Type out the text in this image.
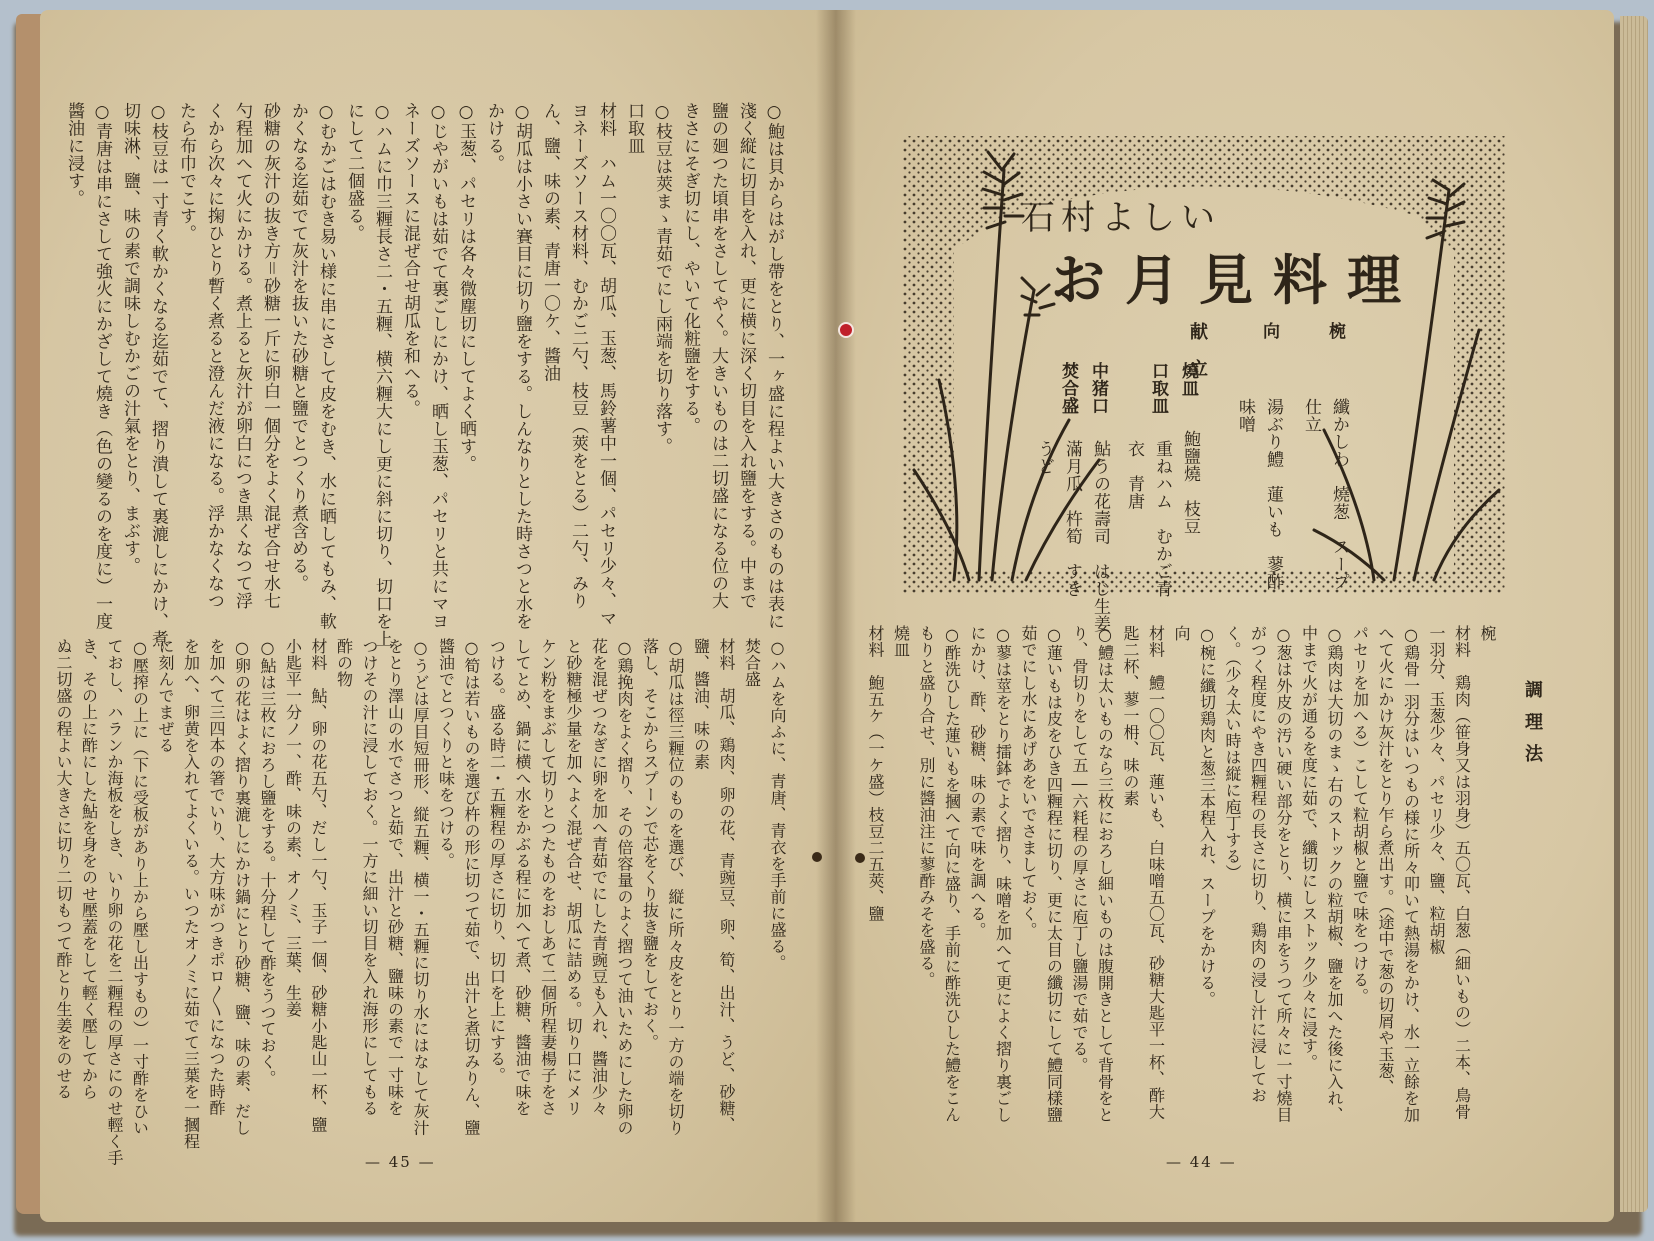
○鮑は貝からはがし帶をとり、一ヶ盛に程よい大きさのものは表に
淺く縦に切目を入れ、更に横に深く切目を入れ鹽をする。中まで
鹽の廻つた頃串をさしてやく。大きいものは二切盛になる位の大
きさにそぎ切にし、やいて化粧鹽をする。
○枝豆は莢まゝ青茹でにし兩端を切り落す。
口取皿
材料　ハム一〇〇瓦、胡瓜、玉葱、馬鈴薯中一個、パセリ少々、マ
ヨネーズソース材料、むかご二勺、枝豆（莢をとる）二勺、みり
ん、鹽、味の素、青唐一〇ケ、醬油
○胡瓜は小さい賽目に切り鹽をする。しんなりとした時さつと水を
かける。
○玉葱、パセリは各々微塵切にしてよく晒す。
○じやがいもは茹でて裏ごしにかけ、晒し玉葱、パセリと共にマヨ
ネーズソースに混ぜ合せ胡瓜を和へる。
○ハムに巾三糎長さ二・五糎、横六糎大にし更に斜に切り、切口を上
にして二個盛る。
○むかごはむき易い様に串にさして皮をむき、水に晒してもみ、軟
かくなる迄茹でて灰汁を抜いた砂糖と鹽でとつくり煮含める。
砂糖の灰汁の抜き方＝砂糖一斤に卵白一個分をよく混ぜ合せ水七
勺程加へて火にかける。煮上ると灰汁が卵白につき黒くなつて浮
くから次々に掬ひとり暫く煮ると澄んだ液になる。浮かなくなつ
たら布巾でこす。
○枝豆は一寸青く軟かくなる迄茹でて、摺り潰して裏漉しにかけ、煮
切味淋、鹽、味の素で調味しむかごの汁氣をとり、まぶす。
○青唐は串にさして強火にかざして燒き（色の變るのを度に）一度
醬油に浸す。
○ハムを向ふに、青唐、青衣を手前に盛る。
焚合盛
材料　胡瓜、鶏肉、卵の花、青豌豆、卵、筍、出汁、うど、砂糖、
鹽、醬油、味の素
○胡瓜は徑三糎位のものを選び、縦に所々皮をとり一方の端を切り
落し、そこからスプーンで芯をくり抜き鹽をしておく。
○鶏挽肉をよく摺り、その倍容量のよく摺つて油いためにした卵の
花を混ぜつなぎに卵を加へ青茹でにした青豌豆も入れ、醬油少々
と砂糖極少量を加へよく混ぜ合せ、胡瓜に詰める。切り口にメリ
ケン粉をまぶして切りとつたものをおしあて二個所程妻楊子をさ
してとめ、鍋に横へ水をかぶる程に加へて煮、砂糖、醬油で味を
つける。盛る時二・五糎程の厚さに切り、切口を上にする。
○筍は若いものを選び杵の形に切つて茹で、出汁と煮切みりん、鹽
醬油でとつくりと味をつける。
○うどは厚目短冊形、縦五糎、横一・五糎に切り水にはなして灰汁
をとり澤山の水でさつと茹で、出汁と砂糖、鹽味の素で一寸味を
つけその汁に浸しておく。一方に細い切目を入れ海形にしてもる
酢の物
材料　鮎、卵の花五勺、だし一勺、玉子一個、砂糖小匙山一杯、鹽
小匙平一分ノ一、酢、味の素、オノミ、三葉、生姜
○鮎は三枚におろし鹽をする。十分程して酢をうつておく。
○卵の花はよく摺り裏漉しにかけ鍋にとり砂糖、鹽、味の素、だし
を加へて三四本の箸でいり、大方味がつきポロ〳〵になつた時酢
を加へ、卵黄を入れてよくいる。いつたオノミに茹でて三葉を一摑程
に刻んでまぜる
○壓搾の上に（下に受板があり上から壓し出すもの）一寸酢をひい
ておし、ハランか海板をしき、いり卵の花を二糎程の厚さにのせ輕く手
き、その上に酢にした鮎を身をのせ壓蓋をして輕く壓してから
ぬ二切盛の程よい大きさに切り二切もつて酢とり生姜をのせる
— 45 —
石村よしい
お月見料理
献　立	椀
纖かしわ　燒葱　スープ仕立
向
湯ぶり鱧　蓮いも　蓼酢味噌
燒皿
鮑鹽燒　枝豆
口取皿
重ねハム　むかご青衣　青唐
中猪口
鮎うの花壽司　はじ生姜
焚合盛
滿月瓜　杵筍　すきうど
調理法
椀
材料　鶏肉（笹身又は羽身）五〇瓦、白葱（細いもの）二本、鳥骨
一羽分、玉葱少々、パセリ少々、鹽、粒胡椒
○鶏骨一羽分はいつもの様に所々叩いて熱湯をかけ、水一立餘を加
へて火にかけ灰汁をとり乍ら煮出す。（途中で葱の切屑や玉葱、
パセリを加へる）こして粒胡椒と鹽で味をつける。
○鶏肉は大切のまゝ右のストックの粒胡椒、鹽を加へた後に入れ、
中まで火が通るを度に茹で、纖切にしストック少々に浸す。
○葱は外皮の汚い硬い部分をとり、横に串をうつて所々に一寸燒目
がつく程度にやき四糎程の長さに切り、鶏肉の浸し汁に浸してお
く。（少々太い時は縦に庖丁する）
○椀に纖切鶏肉と葱三本程入れ、スープをかける。
向
材料　鱧一〇〇瓦、蓮いも、白味噌五〇瓦、砂糖大匙平一杯、酢大
匙二杯、蓼一枏、味の素
○鱧は太いものなら三枚におろし細いものは腹開きとして背骨をと
り、骨切りをして五―六粍程の厚さに庖丁し鹽湯で茹でる。
○蓮いもは皮をひき四糎程に切り、更に太目の纖切にして鱧同樣鹽
茹でにし水にあげあをいでさましておく。
○蓼は莖をとり擂鉢でよく摺り、味噌を加へて更によく摺り裏ごし
にかけ、酢、砂糖、味の素で味を調へる。
○酢洗ひした蓮いもを摑へて向に盛り、手前に酢洗ひした鱧をこん
もりと盛り合せ、別に醬油注に蓼酢みそを盛る。
燒皿
材料　鮑五ケ（一ケ盛）枝豆二五莢、鹽
— 44 —
